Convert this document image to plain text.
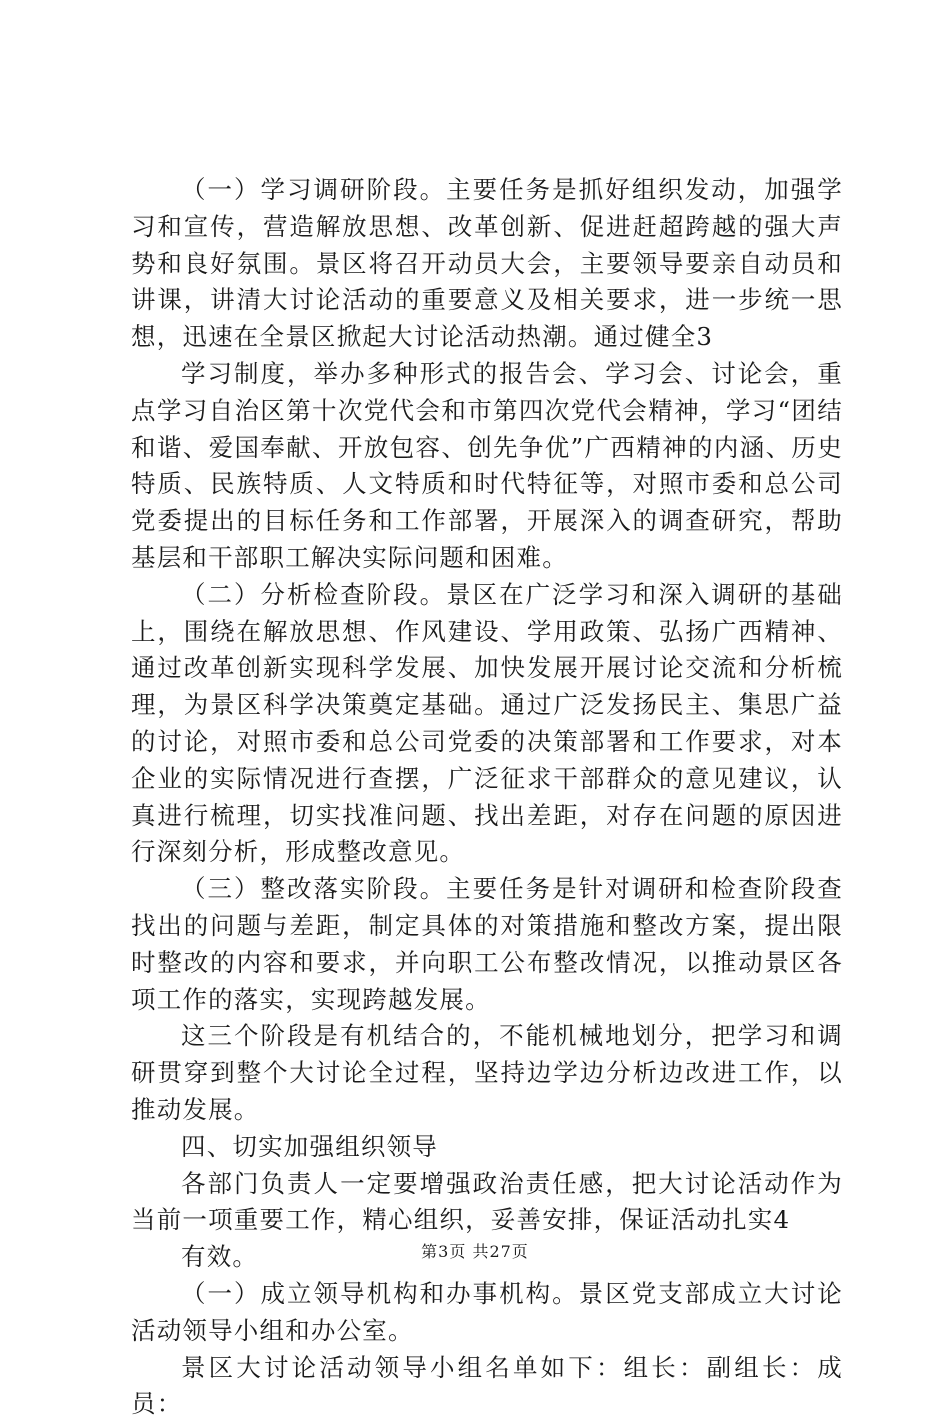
（一）学习调研阶段。主要任务是抓好组织发动，加强学习和宣传，营造解放思想、改革创新、促进赶超跨越的强大声势和良好氛围。景区将召开动员大会，主要领导要亲自动员和讲课，讲清大讨论活动的重要意义及相关要求，进一步统一思想，迅速在全景区掀起大讨论活动热潮。通过健全3

学习制度，举办多种形式的报告会、学习会、讨论会，重点学习自治区第十次党代会和市第四次党代会精神，学习“团结和谐、爱国奉献、开放包容、创先争优”广西精神的内涵、历史特质、民族特质、人文特质和时代特征等，对照市委和总公司党委提出的目标任务和工作部署，开展深入的调查研究，帮助基层和干部职工解决实际问题和困难。

（二）分析检查阶段。景区在广泛学习和深入调研的基础上，围绕在解放思想、作风建设、学用政策、弘扬广西精神、通过改革创新实现科学发展、加快发展开展讨论交流和分析梳理，为景区科学决策奠定基础。通过广泛发扬民主、集思广益的讨论，对照市委和总公司党委的决策部署和工作要求，对本企业的实际情况进行查摆，广泛征求干部群众的意见建议，认真进行梳理，切实找准问题、找出差距，对存在问题的原因进行深刻分析，形成整改意见。

（三）整改落实阶段。主要任务是针对调研和检查阶段查找出的问题与差距，制定具体的对策措施和整改方案，提出限时整改的内容和要求，并向职工公布整改情况，以推动景区各项工作的落实，实现跨越发展。

这三个阶段是有机结合的，不能机械地划分，把学习和调研贯穿到整个大讨论全过程，坚持边学边分析边改进工作，以推动发展。

四、切实加强组织领导

各部门负责人一定要增强政治责任感，把大讨论活动作为当前一项重要工作，精心组织，妥善安排，保证活动扎实4

有效。

（一）成立领导机构和办事机构。景区党支部成立大讨论活动领导小组和办公室。

景区大讨论活动领导小组名单如下：组长：副组长：成员：

第3页 共27页
